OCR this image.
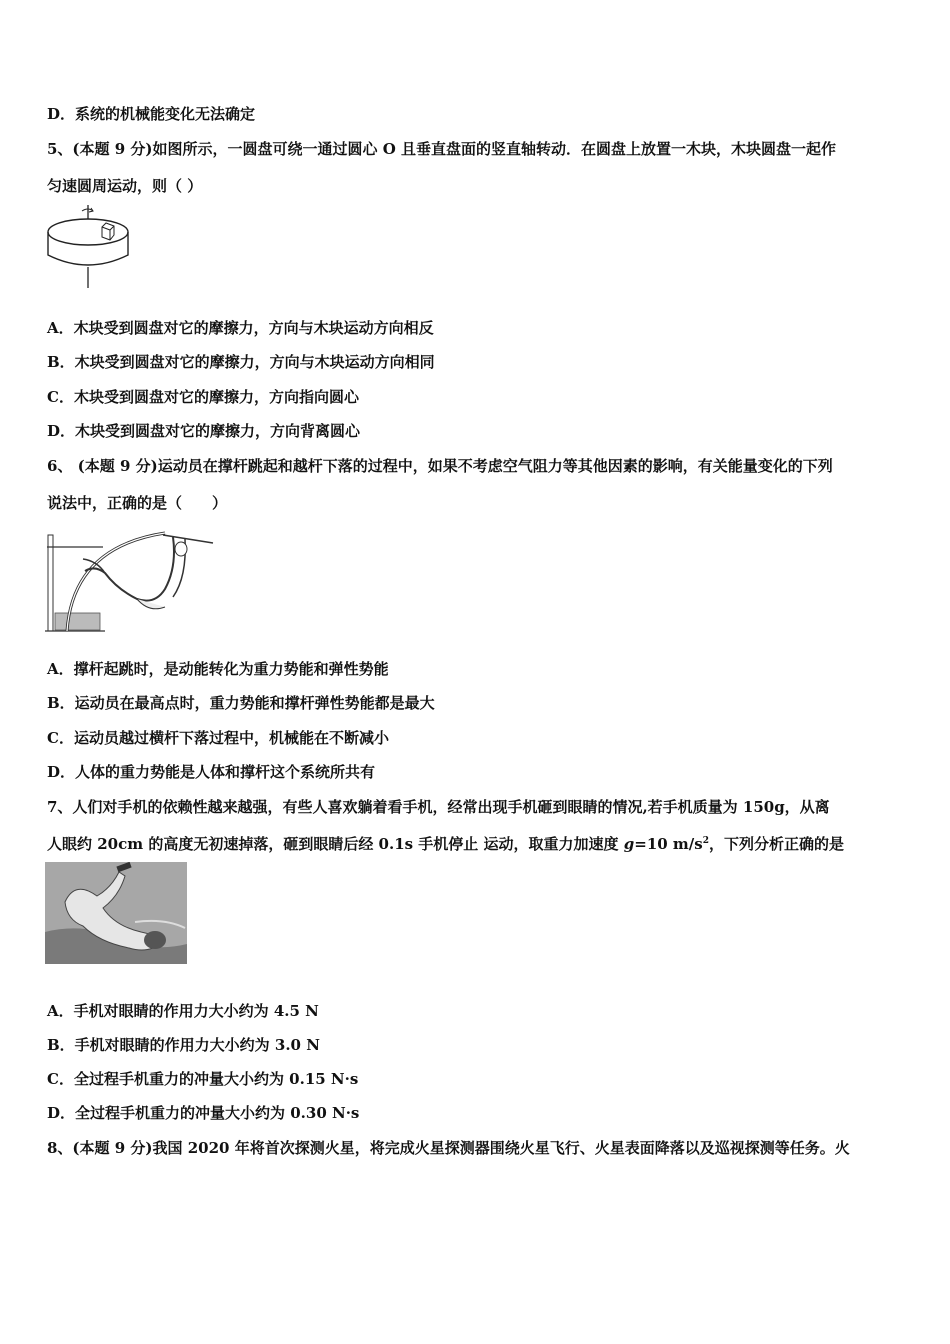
D．系统的机械能变化无法确定
5、(本题 9 分)如图所示，一圆盘可绕一通过圆心 O 且垂直盘面的竖直轴转动．在圆盘上放置一木块，木块圆盘一起作
匀速圆周运动，则（ ）
A．木块受到圆盘对它的摩擦力，方向与木块运动方向相反
B．木块受到圆盘对它的摩擦力，方向与木块运动方向相同
C．木块受到圆盘对它的摩擦力，方向指向圆心
D．木块受到圆盘对它的摩擦力，方向背离圆心
6、 (本题 9 分)运动员在撑杆跳起和越杆下落的过程中，如果不考虑空气阻力等其他因素的影响，有关能量变化的下列
说法中，正确的是（　　）
A．撑杆起跳时，是动能转化为重力势能和弹性势能
B．运动员在最高点时，重力势能和撑杆弹性势能都是最大
C．运动员越过横杆下落过程中，机械能在不断减小
D．人体的重力势能是人体和撑杆这个系统所共有
7、人们对手机的依赖性越来越强，有些人喜欢躺着看手机，经常出现手机砸到眼睛的情况,若手机质量为 150g，从离
人眼约 20cm 的高度无初速掉落，砸到眼睛后经 0.1s 手机停止 运动，取重力加速度 g=10 $m/s^2$，下列分析正确的是
A．手机对眼睛的作用力大小约为 4.5 N
B．手机对眼睛的作用力大小约为 3.0 N
C．全过程手机重力的冲量大小约为 0.15 N·s
D．全过程手机重力的冲量大小约为 0.30 N·s
8、(本题 9 分)我国 2020 年将首次探测火星，将完成火星探测器围绕火星飞行、火星表面降落以及巡视探测等任务。火
